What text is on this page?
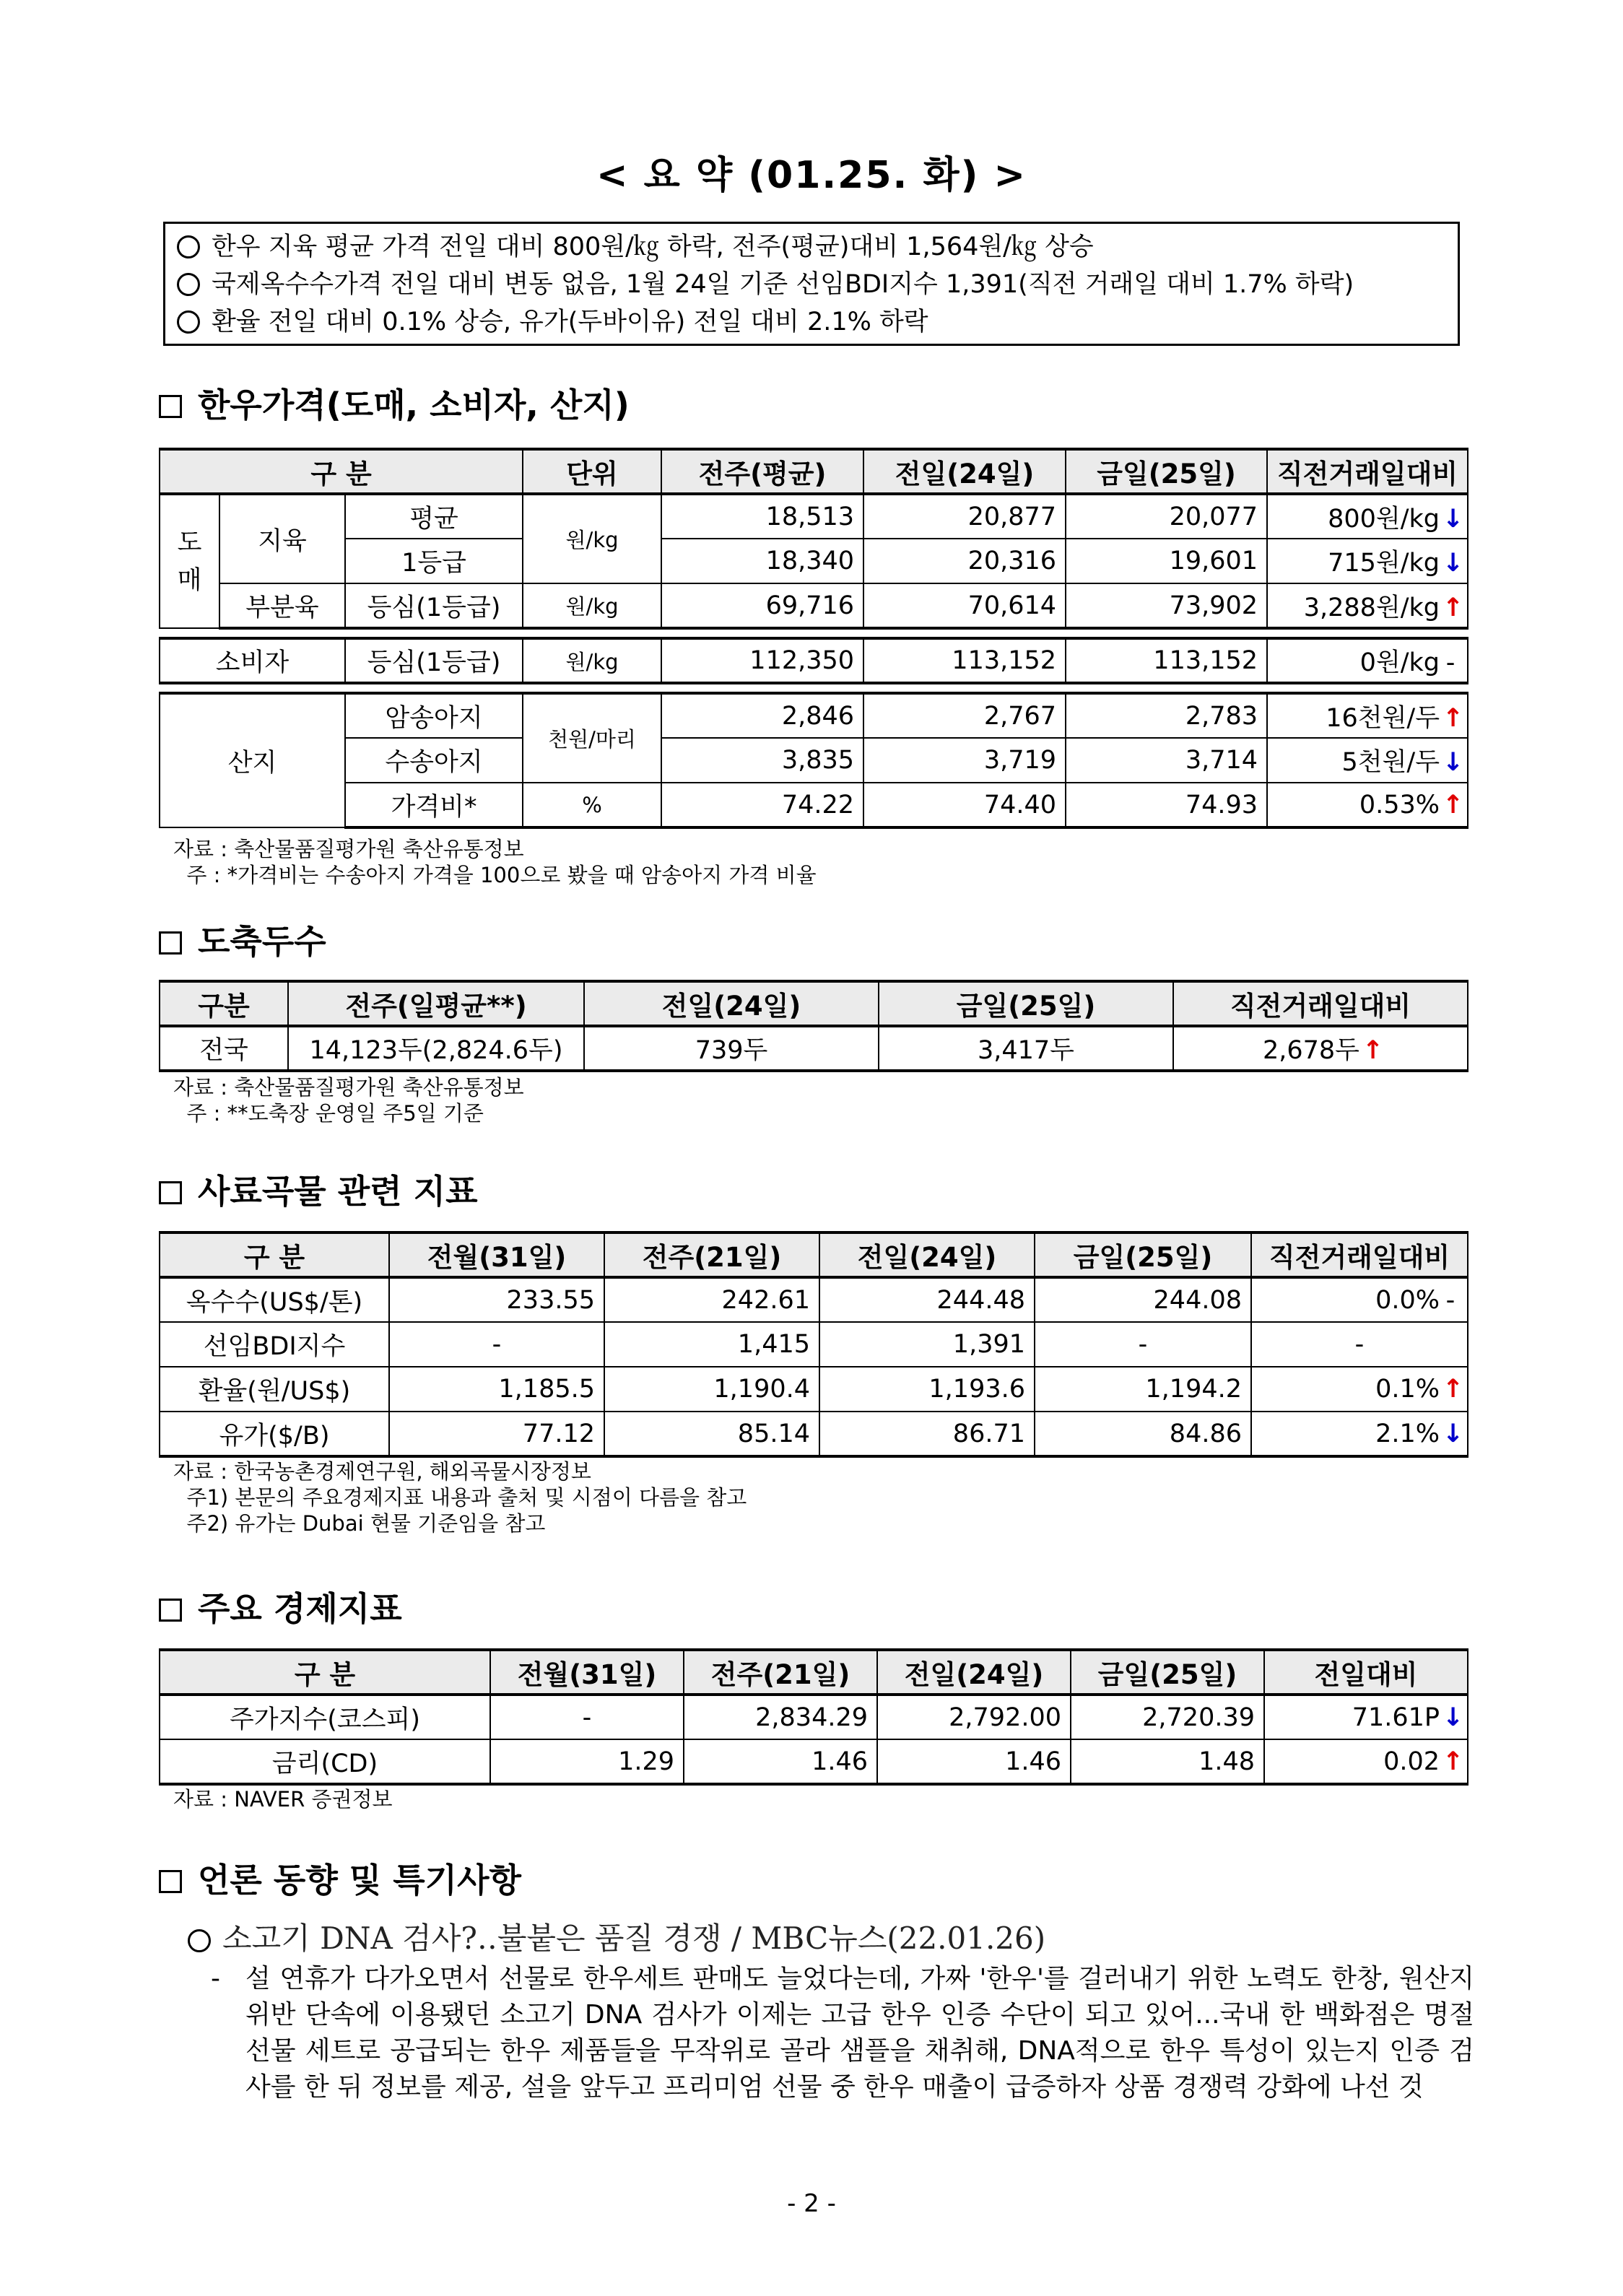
< 요 약 (01.25. 화) >
한우 지육 평균 가격 전일 대비 800원/㎏ 하락, 전주(평균)대비 1,564원/㎏ 상승
국제옥수수가격 전일 대비 변동 없음, 1월 24일 기준 선임BDI지수 1,391(직전 거래일 대비 1.7% 하락)
환율 전일 대비 0.1% 상승, 유가(두바이유) 전일 대비 2.1% 하락
한우가격(도매, 소비자, 산지)
구 분			단위	전주(평균)	전일(24일)	금일(25일)	직전거래일대비
도매	지육	평균	원/kg	18,513	20,877	20,077	800원/kg ↓
		1등급		18,340	20,316	19,601	715원/kg ↓
	부분육	등심(1등급)	원/kg	69,716	70,614	73,902	3,288원/kg ↑

소비자		등심(1등급)	원/kg	112,350	113,152	113,152	0원/kg -

산지		암송아지	천원/마리	2,846	2,767	2,783	16천원/두 ↑
		수송아지		3,835	3,719	3,714	5천원/두 ↓
		가격비*	%	74.22	74.40	74.93	0.53% ↑
자료 : 축산물품질평가원 축산유통정보
주 : *가격비는 수송아지 가격을 100으로 봤을 때 암송아지 가격 비율
도축두수
구분	전주(일평균**)	전일(24일)	금일(25일)	직전거래일대비
전국	14,123두(2,824.6두)	739두	3,417두	2,678두 ↑
자료 : 축산물품질평가원 축산유통정보
주 : **도축장 운영일 주5일 기준
사료곡물 관련 지표
구 분	전월(31일)	전주(21일)	전일(24일)	금일(25일)	직전거래일대비
옥수수(US$/톤)	233.55	242.61	244.48	244.08	0.0% -
선임BDI지수	-	1,415	1,391	-	-
환율(원/US$)	1,185.5	1,190.4	1,193.6	1,194.2	0.1% ↑
유가($/B)	77.12	85.14	86.71	84.86	2.1% ↓
자료 : 한국농촌경제연구원, 해외곡물시장정보
주1) 본문의 주요경제지표 내용과 출처 및 시점이 다름을 참고
주2) 유가는 Dubai 현물 기준임을 참고
주요 경제지표
구 분	전월(31일)	전주(21일)	전일(24일)	금일(25일)	전일대비
주가지수(코스피)	-	2,834.29	2,792.00	2,720.39	71.61P ↓
금리(CD)	1.29	1.46	1.46	1.48	0.02 ↑
자료 : NAVER 증권정보
언론 동향 및 특기사항
소고기 DNA 검사?‥불붙은 품질 경쟁 / MBC뉴스(22.01.26)
- 설 연휴가 다가오면서 선물로 한우세트 판매도 늘었다는데, 가짜 '한우'를 걸러내기 위한 노력도 한창, 원산지 위반 단속에 이용됐던 소고기 DNA 검사가 이제는 고급 한우 인증 수단이 되고 있어...국내 한 백화점은 명절 선물 세트로 공급되는 한우 제품들을 무작위로 골라 샘플을 채취해, DNA적으로 한우 특성이 있는지 인증 검사를 한 뒤 정보를 제공, 설을 앞두고 프리미엄 선물 중 한우 매출이 급증하자 상품 경쟁력 강화에 나선 것
- 2 -
